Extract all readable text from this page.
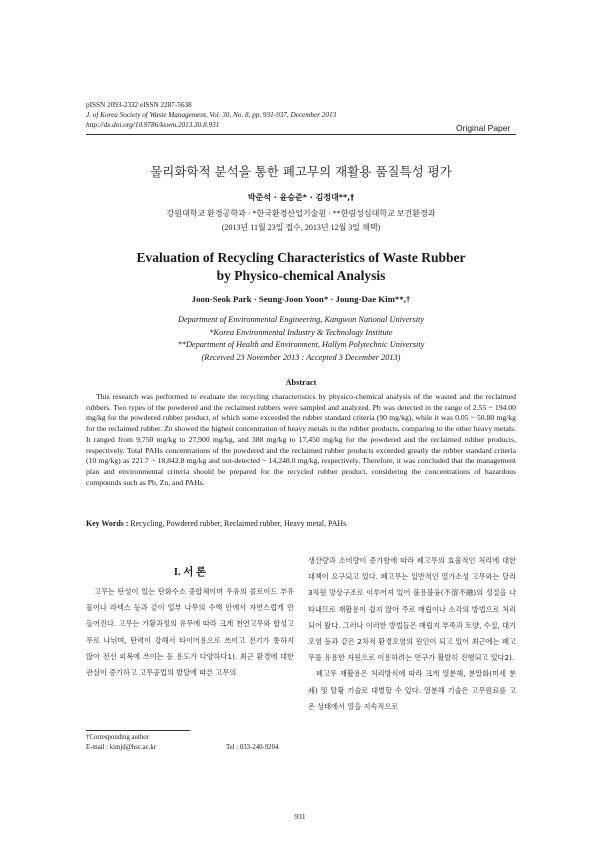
pISSN 2093-2332 eISSN 2287-5638
J. of Korea Society of Waste Management, Vol. 30, No. 8, pp. 931-937, December 2013
http://dx.doi.org/10.9786/kswm.2013.30.8.931	Original Paper
물리화학적 분석을 통한 폐고무의 재활용 품질특성 평가
박준석 · 윤승준* · 김정대**,†
강원대학교 환경공학과 · *한국환경산업기술원 · **한림성심대학교 보건환경과
(2013년 11월 23일 접수, 2013년 12월 3일 채택)
Evaluation of Recycling Characteristics of Waste Rubber
by Physico-chemical Analysis
Joon-Seok Park · Seung-Joon Yoon* · Joung-Dae Kim**,†
Department of Environmental Engineering, Kangwon National University
*Korea Environmental Industry & Technology Institute
**Department of Health and Environment, Hallym Polytechnic University
(Received 23 November 2013 : Accepted 3 December 2013)
Abstract
This research was performed to evaluate the recycling characteristics by physico-chemical analysis of the wasted and the reclaimed rubbers. Two types of the powdered and the reclaimed rubbers were sampled and analyzed. Pb was detected in the range of 2.55 ~ 194.00 mg/kg for the powdered rubber product, of which some exceeded the rubber standard criteria (90 mg/kg), while it was 0.05 ~ 50.80 mg/kg for the reclaimed rubber. Zn showed the highest concentration of heavy metals in the rubber products, comparing to the other heavy metals. It ranged from 9,750 mg/kg to 27,900 mg/kg, and 388 mg/kg to 17,450 mg/kg for the powdered and the reclaimed rubber products, respectively. Total PAHs concentrations of the powdered and the reclaimed rubber products exceeded greatly the rubber standard criteria (10 mg/kg) as 221.7 ~ 18,842.8 mg/kg and not-detected ~ 14,248.0 mg/kg, respectively. Therefore, it was concluded that the management plan and environmental criteria should be prepared for the recycled rubber product, considering the concentrations of hazardous compounds such as Pb, Zn, and PAHs.
Key Words : Recycling, Powdered rubber, Reclaimed rubber, Heavy metal, PAHs
I. 서 론
고무는 탄성이 있는 탄화수소 중합체이며 우유의 콜로이드 부유물이나 라텍스 등과 같이 일부 나무의 수액 안에서 자연스럽게 만들어진다. 고무는 가황과정의 유무에 따라 크게 천연고무와 합성고무로 나뉘며, 탄력이 강해서 타이어용으로 쓰이고 전기가 통하지 않아 전선 피복에 쓰이는 등 용도가 다양하다1). 최근 환경에 대한 관심이 증가하고 고무공업의 발달에 따른 고무의
생산량과 소비량이 증가함에 따라 폐고무의 효율적인 처리에 대한 대책이 요구되고 있다. 폐고무는 일반적인 열가소성 고무와는 달리 3차원 망상구조로 이루어져 있어 불용불융(不溶不融)의 성질을 나타내므로 재활용이 쉽지 않아 주로 매립이나 소각의 방법으로 처리되어 왔다. 그러나 이러한 방법들은 매립지 부족과 토양, 수질, 대기오염 등과 같은 2차적 환경오염의 원인이 되고 있어 최근에는 폐고무를 유용한 자원으로 이용하려는 연구가 활발히 진행되고 있다2).
폐고무 재활용은 처리방식에 따라 크게 열분해, 분말화(미세 분쇄) 및 탈황 기술로 대별할 수 있다. 열분해 기술은 고무원료를 고온 상태에서 열을 지속적으로
†Corresponding author
E-mail : kimjd@hsc.ac.kr	Tel : 033-240-9204
931
